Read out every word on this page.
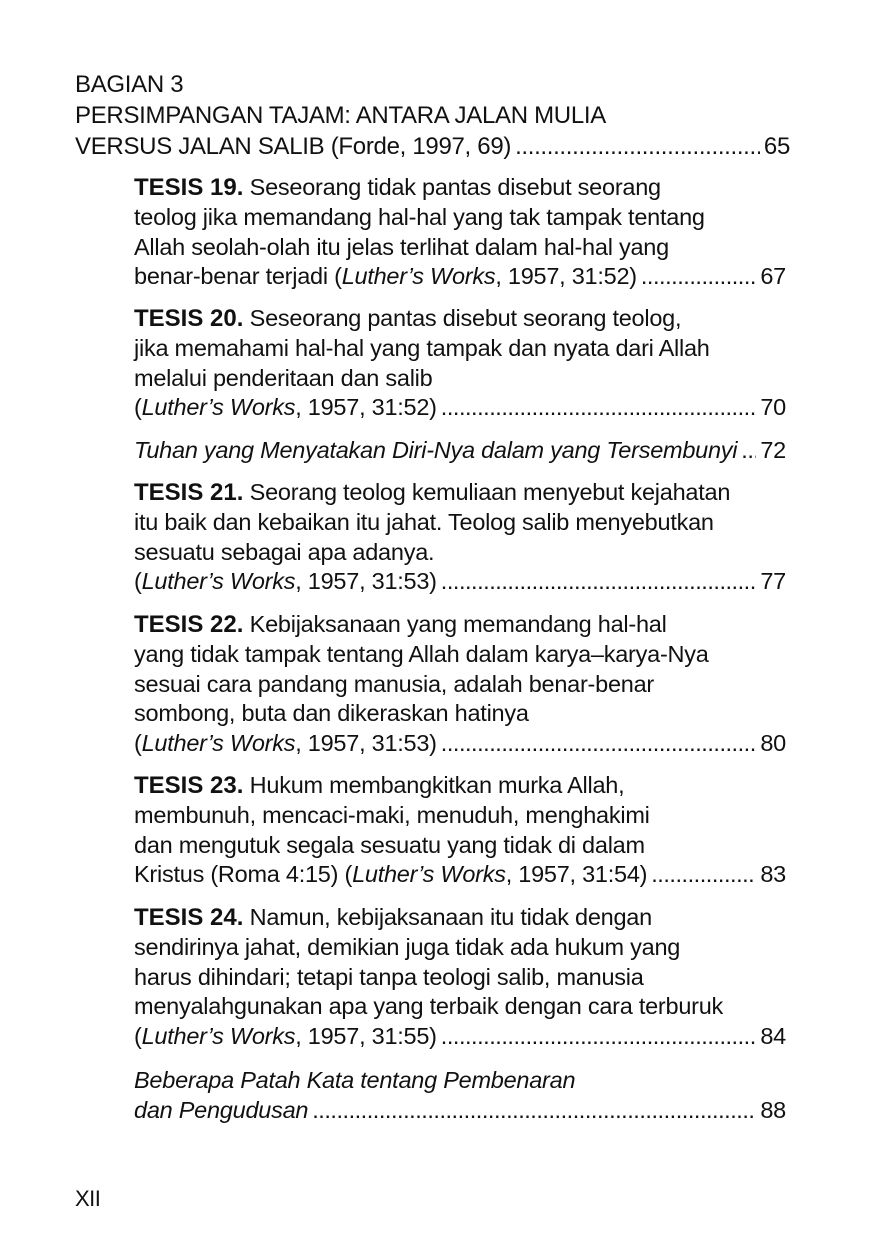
BAGIAN 3
PERSIMPANGAN TAJAM: ANTARA JALAN MULIA
VERSUS JALAN SALIB (Forde, 1997, 69) . . .	65
TESIS 19. Seseorang tidak pantas disebut seorang
teolog jika memandang hal-hal yang tak tampak tentang
Allah seolah-olah itu jelas terlihat dalam hal-hal yang
benar-benar terjadi (Luther’s Works, 1957, 31:52) . . .	67
TESIS 20. Seseorang pantas disebut seorang teolog,
jika memahami hal-hal yang tampak dan nyata dari Allah
melalui penderitaan dan salib
(Luther’s Works, 1957, 31:52) . . .	70
Tuhan yang Menyatakan Diri-Nya dalam yang Tersembunyi . . . 72
TESIS 21. Seorang teolog kemuliaan menyebut kejahatan
itu baik dan kebaikan itu jahat. Teolog salib menyebutkan
sesuatu sebagai apa adanya.
(Luther’s Works, 1957, 31:53) . . .	77
TESIS 22. Kebijaksanaan yang memandang hal-hal
yang tidak tampak tentang Allah dalam karya–karya-Nya
sesuai cara pandang manusia, adalah benar-benar
sombong, buta dan dikeraskan hatinya
(Luther’s Works, 1957, 31:53) . . .	80
TESIS 23. Hukum membangkitkan murka Allah,
membunuh, mencaci-maki, menuduh, menghakimi
dan mengutuk segala sesuatu yang tidak di dalam
Kristus (Roma 4:15) (Luther’s Works, 1957, 31:54) . . .	83
TESIS 24. Namun, kebijaksanaan itu tidak dengan
sendirinya jahat, demikian juga tidak ada hukum yang
harus dihindari; tetapi tanpa teologi salib, manusia
menyalahgunakan apa yang terbaik dengan cara terburuk
(Luther’s Works, 1957, 31:55) . . .	84
Beberapa Patah Kata tentang Pembenaran
dan Pengudusan . . .	88
XII
